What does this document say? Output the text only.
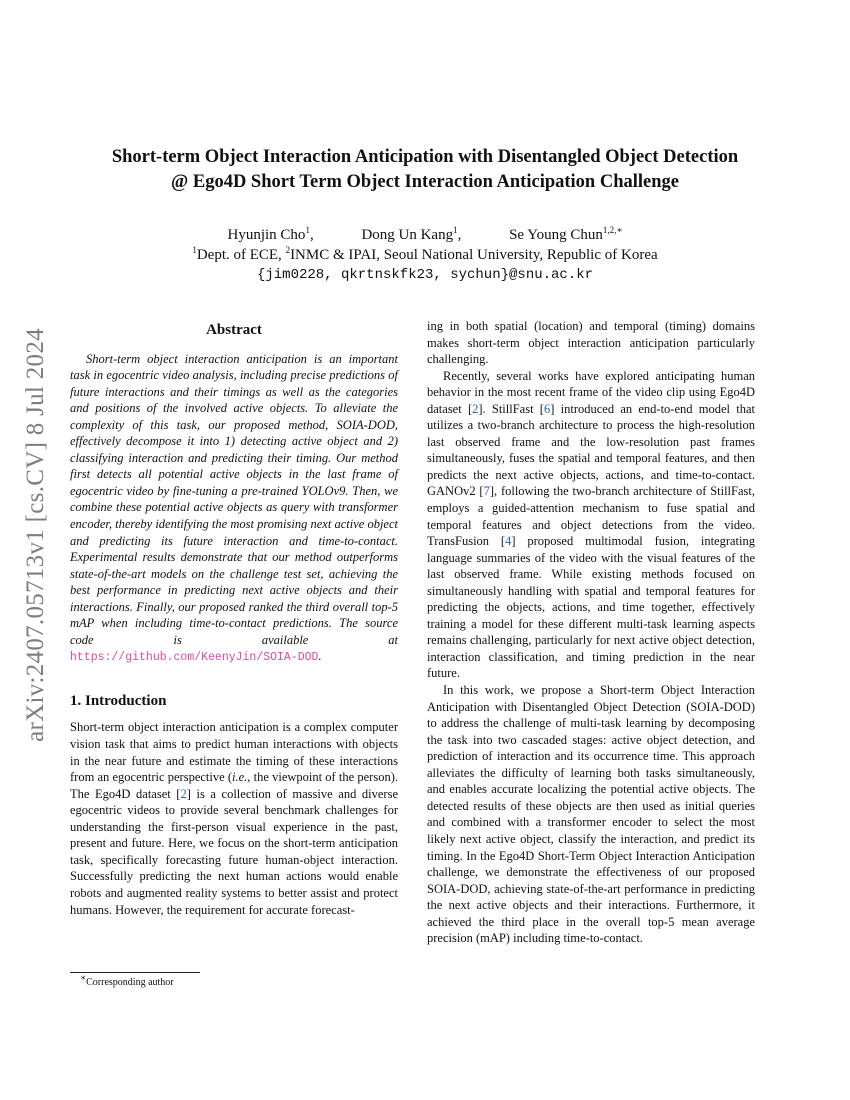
arXiv:2407.05713v1 [cs.CV] 8 Jul 2024
Short-term Object Interaction Anticipation with Disentangled Object Detection
@ Ego4D Short Term Object Interaction Anticipation Challenge
Hyunjin Cho$^1$,	Dong Un Kang$^1$,	Se Young Chun$^{1,2,∗}$
$^1$Dept. of ECE, $^2$INMC & IPAI, Seoul National University, Republic of Korea
{jim0228, qkrtnskfk23, sychun}@snu.ac.kr
Abstract

Short-term object interaction anticipation is an important task in egocentric video analysis, including precise predictions of future interactions and their timings as well as the categories and positions of the involved active objects. To alleviate the complexity of this task, our proposed method, SOIA-DOD, effectively decompose it into 1) detecting active object and 2) classifying interaction and predicting their timing. Our method first detects all potential active objects in the last frame of egocentric video by fine-tuning a pre-trained YOLOv9. Then, we combine these potential active objects as query with transformer encoder, thereby identifying the most promising next active object and predicting its future interaction and time-to-contact. Experimental results demonstrate that our method outperforms state-of-the-art models on the challenge test set, achieving the best performance in predicting next active objects and their interactions. Finally, our proposed ranked the third overall top-5 mAP when including time-to-contact predictions. The source code is available at https://github.com/KeenyJin/SOIA-DOD.

1. Introduction

Short-term object interaction anticipation is a complex computer vision task that aims to predict human interactions with objects in the near future and estimate the timing of these interactions from an egocentric perspective (i.e., the viewpoint of the person). The Ego4D dataset [2] is a collection of massive and diverse egocentric videos to provide several benchmark challenges for understanding the first-person visual experience in the past, present and future. Here, we focus on the short-term anticipation task, specifically forecasting future human-object interaction. Successfully predicting the next human actions would enable robots and augmented reality systems to better assist and protect humans. However, the requirement for accurate forecast-

ing in both spatial (location) and temporal (timing) domains makes short-term object interaction anticipation particularly challenging.

Recently, several works have explored anticipating human behavior in the most recent frame of the video clip using Ego4D dataset [2]. StillFast [6] introduced an end-to-end model that utilizes a two-branch architecture to process the high-resolution last observed frame and the low-resolution past frames simultaneously, fuses the spatial and temporal features, and then predicts the next active objects, actions, and time-to-contact. GANOv2 [7], following the two-branch architecture of StillFast, employs a guided-attention mechanism to fuse spatial and temporal features and object detections from the video. TransFusion [4] proposed multimodal fusion, integrating language summaries of the video with the visual features of the last observed frame. While existing methods focused on simultaneously handling with spatial and temporal features for predicting the objects, actions, and time together, effectively training a model for these different multi-task learning aspects remains challenging, particularly for next active object detection, interaction classification, and timing prediction in the near future.

In this work, we propose a Short-term Object Interaction Anticipation with Disentangled Object Detection (SOIA-DOD) to address the challenge of multi-task learning by decomposing the task into two cascaded stages: active object detection, and prediction of interaction and its occurrence time. This approach alleviates the difficulty of learning both tasks simultaneously, and enables accurate localizing the potential active objects. The detected results of these objects are then used as initial queries and combined with a transformer encoder to select the most likely next active object, classify the interaction, and predict its timing. In the Ego4D Short-Term Object Interaction Anticipation challenge, we demonstrate the effectiveness of our proposed SOIA-DOD, achieving state-of-the-art performance in predicting the next active objects and their interactions. Furthermore, it achieved the third place in the overall top-5 mean average precision (mAP) including time-to-contact.

∗Corresponding author
